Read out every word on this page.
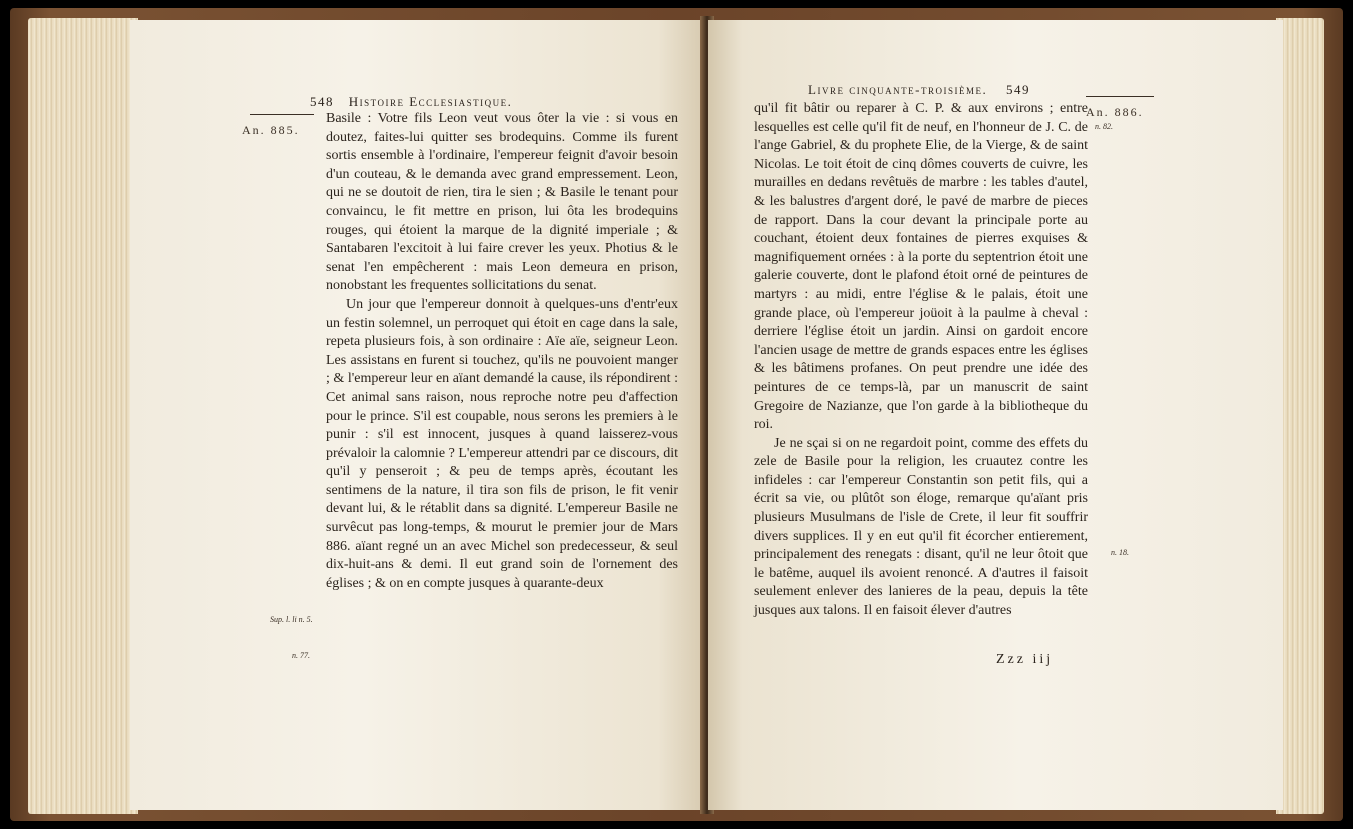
548 Histoire Ecclesiastique.
An. 885.

Basile : Votre fils Leon veut vous ôter la vie : si vous en doutez, faites-lui quitter ses brodequins. Comme ils furent sortis ensemble à l'ordinaire, l'empereur feignit d'avoir besoin d'un couteau, & le demanda avec grand empressement. Leon, qui ne se doutoit de rien, tira le sien ; & Basile le tenant pour convaincu, le fit mettre en prison, lui ôta les brodequins rouges, qui étoient la marque de la dignité imperiale ; & Santabaren l'excitoit à lui faire crever les yeux. Photius & le senat l'en empêcherent : mais Leon demeura en prison, nonobstant les frequentes sollicitations du senat.

Un jour que l'empereur donnoit à quelques-uns d'entr'eux un festin solemnel, un perroquet qui étoit en cage dans la sale, repeta plusieurs fois, à son ordinaire : Aïe aïe, seigneur Leon. Les assistans en furent si touchez, qu'ils ne pouvoient manger ; & l'empereur leur en aïant demandé la cause, ils répondirent : Cet animal sans raison, nous reproche notre peu d'affection pour le prince. S'il est coupable, nous serons les premiers à le punir : s'il est innocent, jusques à quand laisserez-vous prévaloir la calomnie ? L'empereur attendri par ce discours, dit qu'il y penseroit ; & peu de temps après, écoutant les sentimens de la nature, il tira son fils de prison, le fit venir devant lui, & le rétablit dans sa dignité. L'empereur Basile ne survêcut pas long-temps, & mourut le premier jour de Mars 886. aïant regné un an avec Michel son predecesseur, & seul dix-huit-ans & demi. Il eut grand soin de l'ornement des églises ; & on en compte jusques à quarante-deux

Sup. l. li n. 5.
n. 77.
Livre cinquante-troisième. 549
An. 886.
n. 82.

qu'il fit bâtir ou reparer à C. P. & aux environs ; entre lesquelles est celle qu'il fit de neuf, en l'honneur de J. C. de l'ange Gabriel, & du prophete Elie, de la Vierge, & de saint Nicolas. Le toit étoit de cinq dômes couverts de cuivre, les murailles en dedans revêtuës de marbre : les tables d'autel, & les balustres d'argent doré, le pavé de marbre de pieces de rapport. Dans la cour devant la principale porte au couchant, étoient deux fontaines de pierres exquises & magnifiquement ornées : à la porte du septentrion étoit une galerie couverte, dont le plafond étoit orné de peintures de martyrs : au midi, entre l'église & le palais, étoit une grande place, où l'empereur joüoit à la paulme à cheval : derriere l'église étoit un jardin. Ainsi on gardoit encore l'ancien usage de mettre de grands espaces entre les églises & les bâtimens profanes. On peut prendre une idée des peintures de ce temps-là, par un manuscrit de saint Gregoire de Nazianze, que l'on garde à la bibliotheque du roi.

Je ne sçai si on ne regardoit point, comme des effets du zele de Basile pour la religion, les cruautez contre les infideles : car l'empereur Constantin son petit fils, qui a écrit sa vie, ou plûtôt son éloge, remarque qu'aïant pris plusieurs Musulmans de l'isle de Crete, il leur fit souffrir divers supplices. Il y en eut qu'il fit écorcher entierement, principalement des renegats : disant, qu'il ne leur ôtoit que le batême, auquel ils avoient renoncé. A d'autres il faisoit seulement enlever des lanieres de la peau, depuis la tête jusques aux talons. Il en faisoit élever d'autres

n. 18.
Zzz iij
